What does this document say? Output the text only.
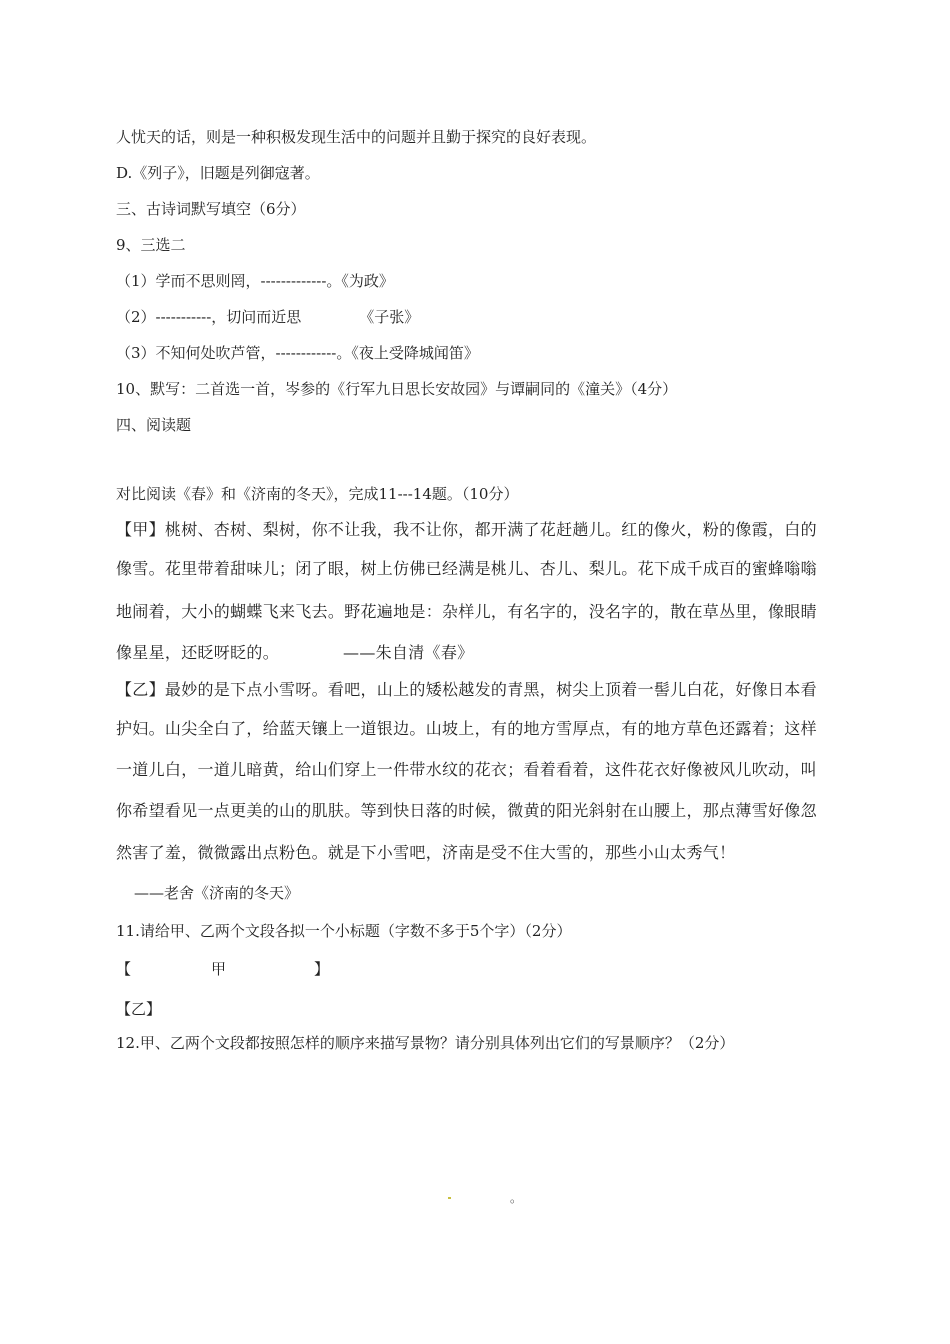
人忧天的话，则是一种积极发现生活中的问题并且勤于探究的良好表现。
D.《列子》，旧题是列御寇著。
三、古诗词默写填空（6分）
9、三选二
（1）学而不思则罔，-------------。《为政》
（2）-----------，切问而近思	《子张》
（3）不知何处吹芦管，------------。《夜上受降城闻笛》
10、默写：二首选一首，岑参的《行军九日思长安故园》与谭嗣同的《潼关》（4分）
四、阅读题
对比阅读《春》和《济南的冬天》，完成11---14题。（10分）
【甲】桃树、杏树、梨树，你不让我，我不让你，都开满了花赶趟儿。红的像火，粉的像霞，白的
像雪。花里带着甜味儿；闭了眼，树上仿佛已经满是桃儿、杏儿、梨儿。花下成千成百的蜜蜂嗡嗡
地闹着，大小的蝴蝶飞来飞去。野花遍地是：杂样儿，有名字的，没名字的，散在草丛里，像眼睛
像星星，还眨呀眨的。	——朱自清《春》
【乙】最妙的是下点小雪呀。看吧，山上的矮松越发的青黑，树尖上顶着一髻儿白花，好像日本看
护妇。山尖全白了，给蓝天镶上一道银边。山坡上，有的地方雪厚点，有的地方草色还露着；这样
一道儿白，一道儿暗黄，给山们穿上一件带水纹的花衣；看着看着，这件花衣好像被风儿吹动，叫
你希望看见一点更美的山的肌肤。等到快日落的时候，微黄的阳光斜射在山腰上，那点薄雪好像忽
然害了羞，微微露出点粉色。就是下小雪吧，济南是受不住大雪的，那些小山太秀气！
——老舍《济南的冬天》
11.请给甲、乙两个文段各拟一个小标题（字数不多于5个字）（2分）
【	甲	】
【乙】
12.甲、乙两个文段都按照怎样的顺序来描写景物？请分别具体列出它们的写景顺序？（2分）
。
